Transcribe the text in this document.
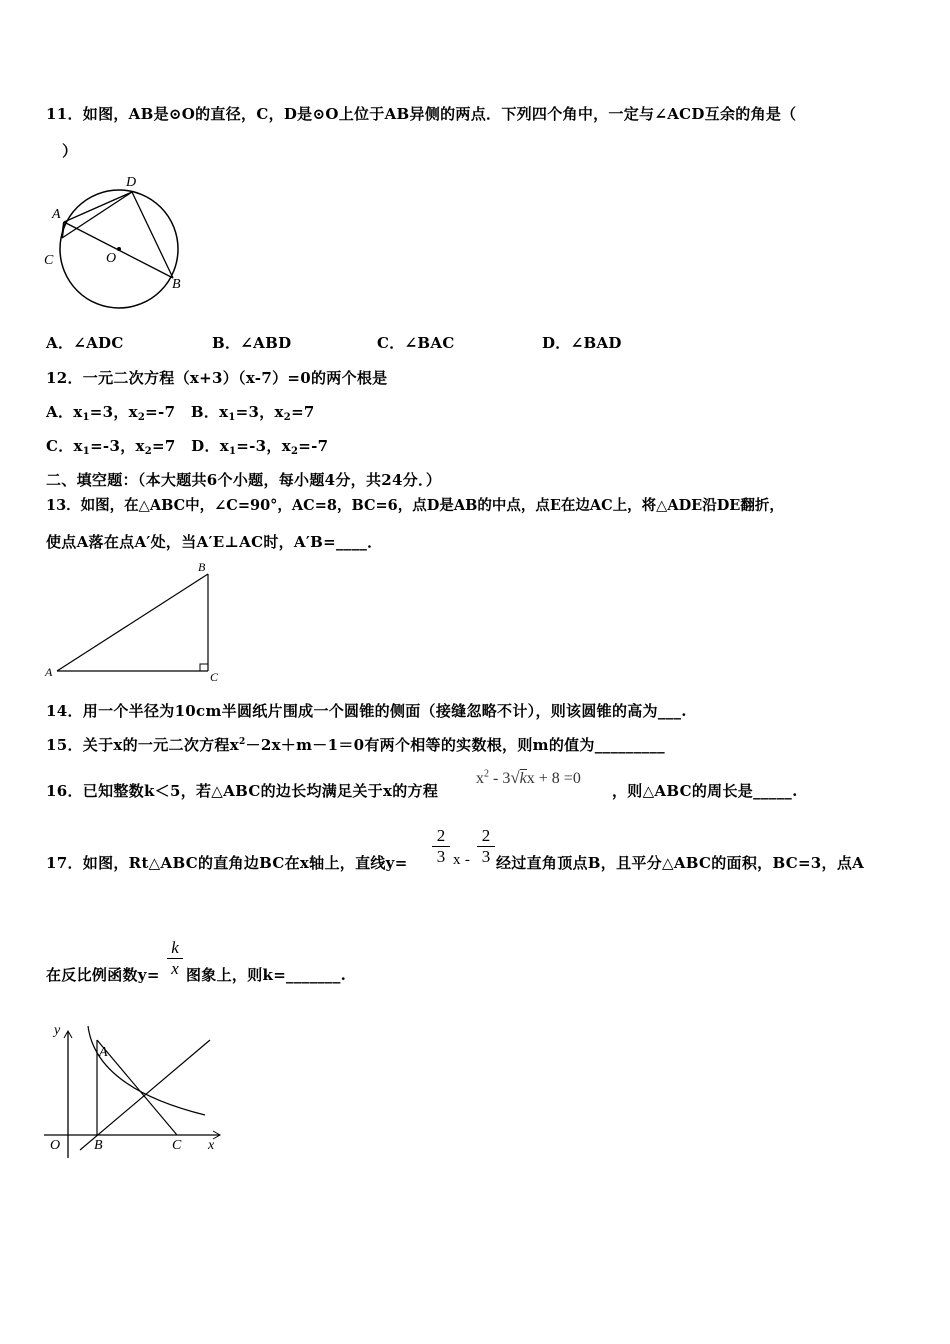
11．如图，AB是⊙O的直径，C，D是⊙O上位于AB异侧的两点．下列四个角中，一定与∠ACD互余的角是（
）
D
A
C	O
B
A．∠ADC	B．∠ABD	C．∠BAC	D．∠BAD
12．一元二次方程（x+3）（x-7）=0的两个根是
A．$x_1=3$，$x_2=-7$ B．$x_1=3$，$x_2=7$
C．$x_1=-3$，$x_2=7$ D．$x_1=-3$，$x_2=-7$
二、填空题：（本大题共6个小题，每小题4分，共24分．）
13．如图，在△ABC中，∠C=90°，AC=8，BC=6，点D是AB的中点，点E在边AC上，将△ADE沿DE翻折，
使点A落在点A′处，当A′E⊥AC时，A′B=____．
B
A	C
14．用一个半径为10cm半圆纸片围成一个圆锥的侧面（接缝忽略不计），则该圆锥的高为___.
15．关于x的一元二次方程$x^2-2x+m-1=0$有两个相等的实数根，则m的值为_________
16．已知整数k＜5，若△ABC的边长均满足关于x的方程
$x^2 - 3√kx + 8 =0$
，则△ABC的周长是_____.
17．如图，Rt△ABC的直角边BC在x轴上，直线y=
2
3 x -
2
3 经过直角顶点B，且平分△ABC的面积，BC=3，点A
在反比例函数y=
k
x 图象上，则k=_______.
y
A
O B	C x
